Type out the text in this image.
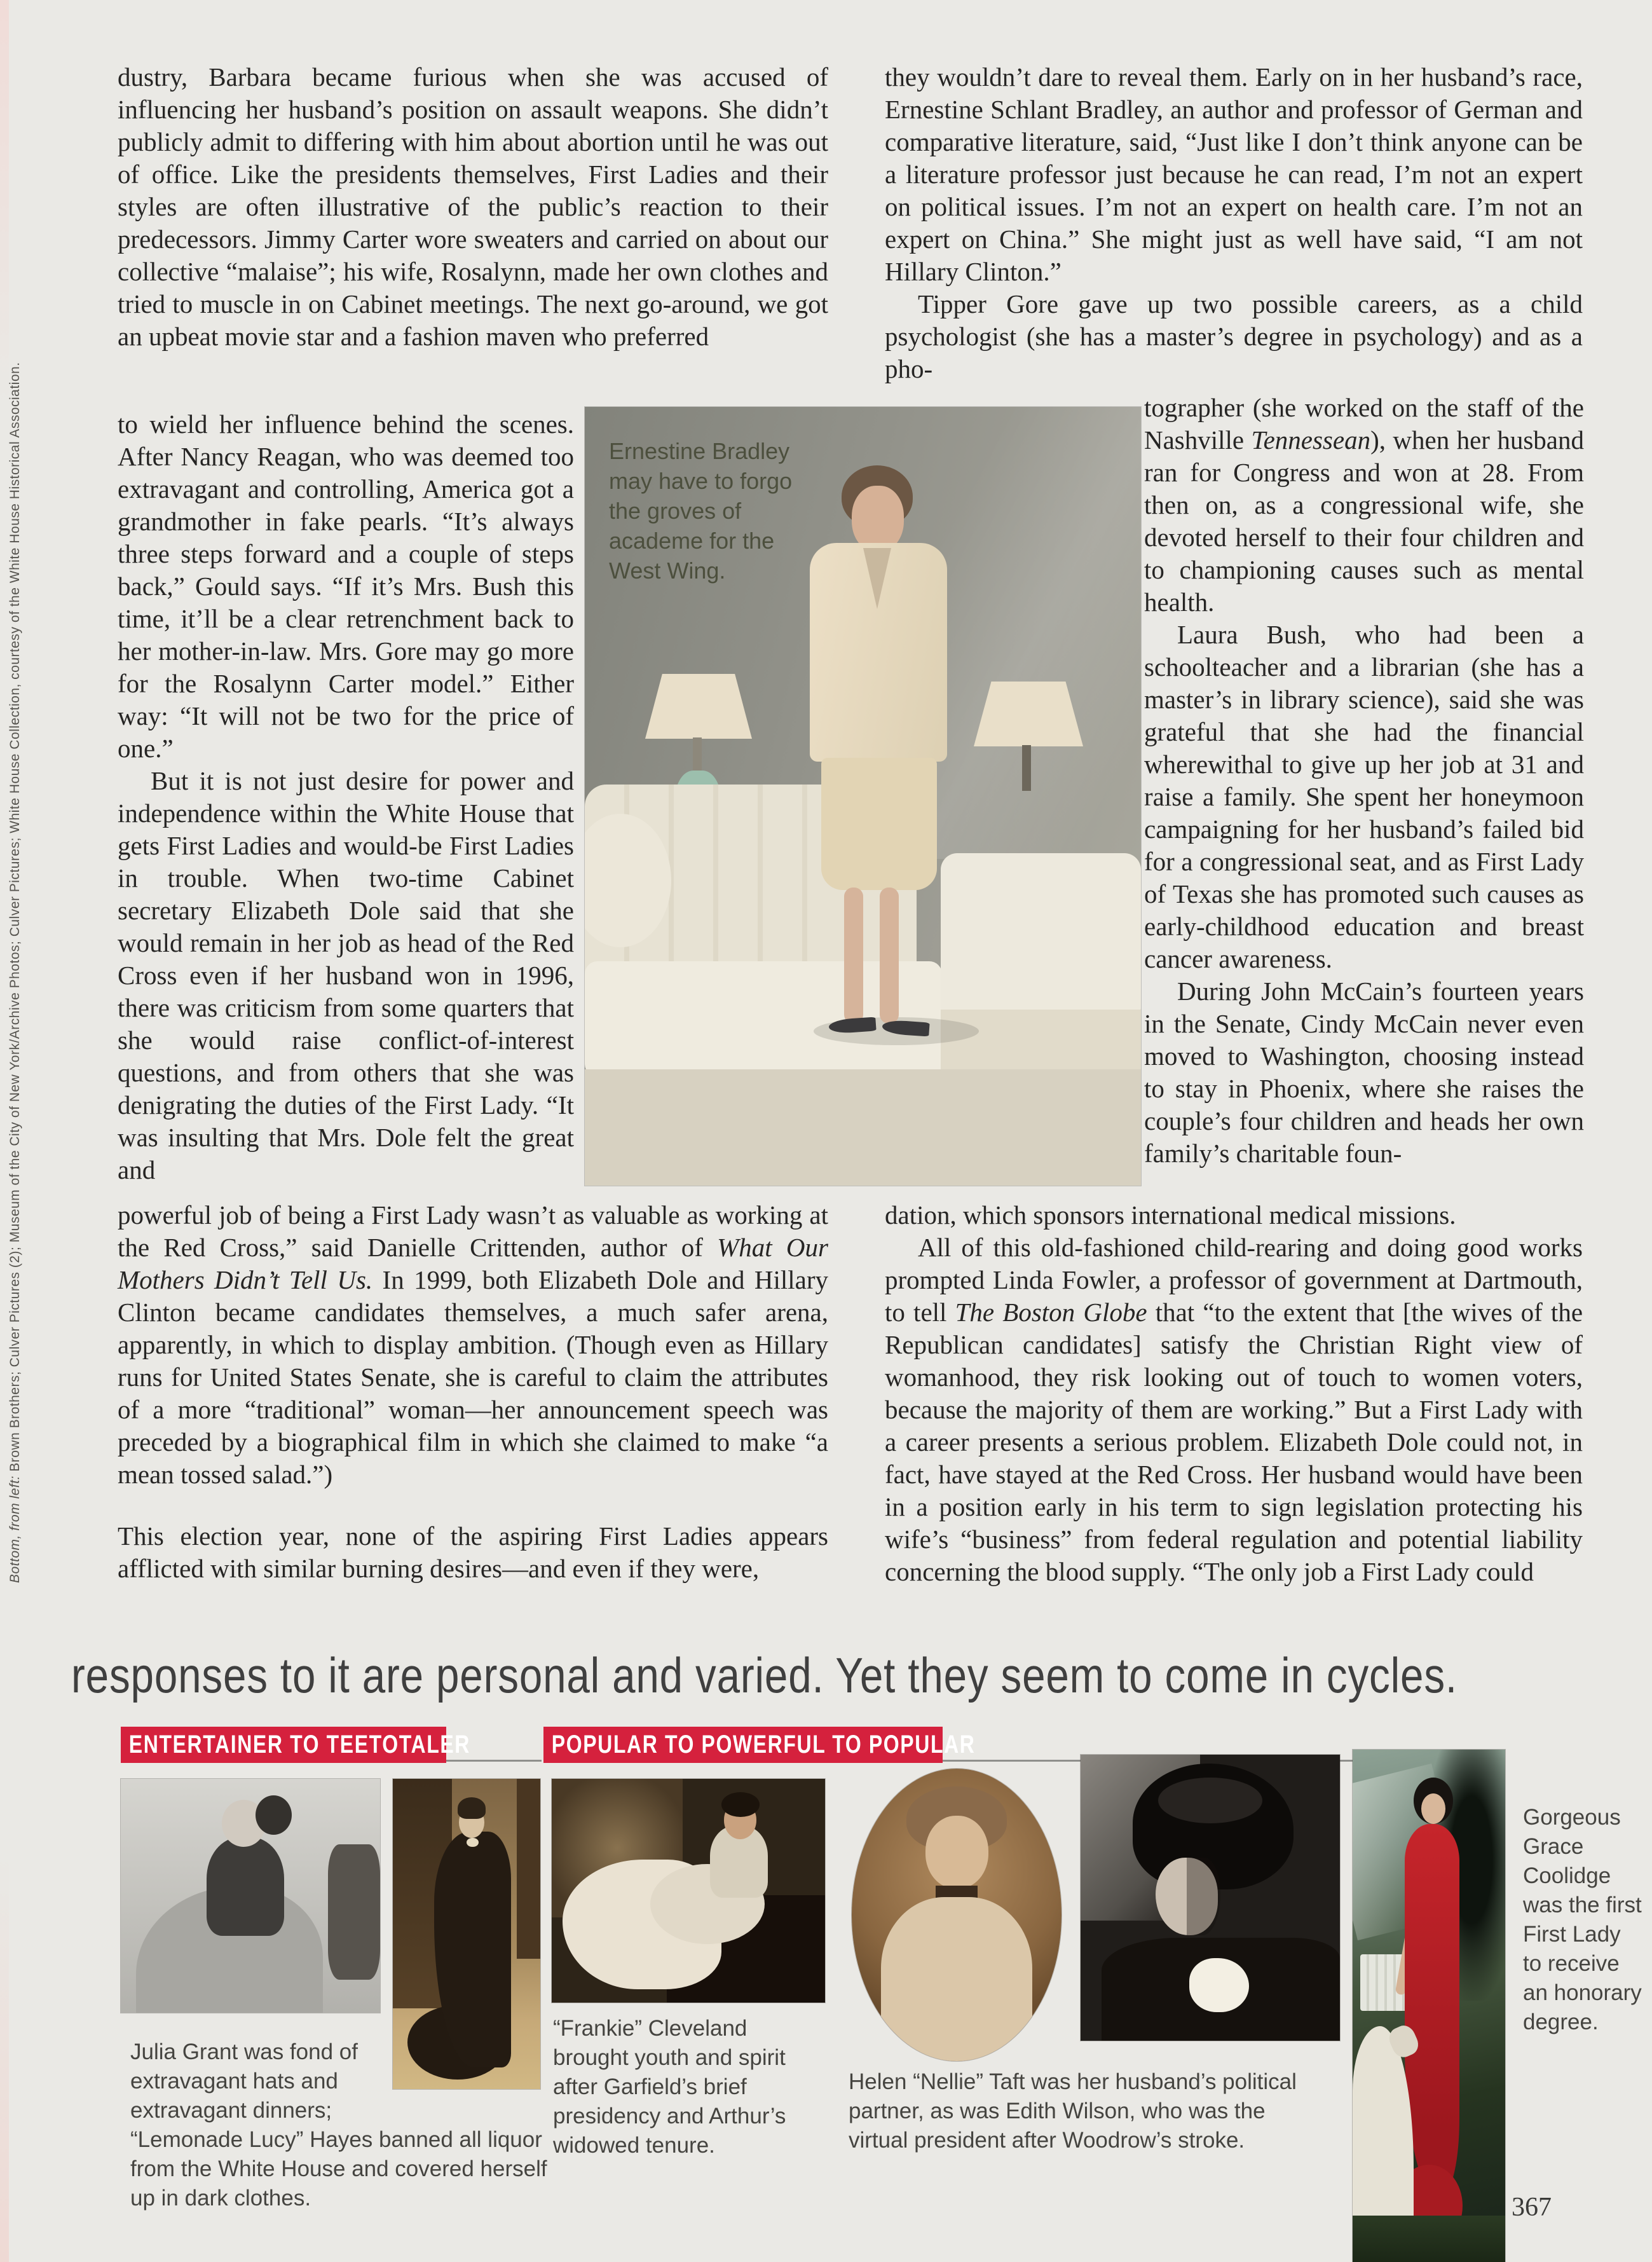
Bottom, from left: Brown Brothers; Culver Pictures (2); Museum of the City of New York/Archive Photos; Culver Pictures; White House Collection, courtesy of the White House Historical Association.

dustry, Barbara became furious when she was accused of influencing her husband’s position on assault weapons. She didn’t publicly admit to differing with him about abortion until he was out of office. Like the presidents themselves, First Ladies and their styles are often illustrative of the public’s reaction to their predecessors. Jimmy Carter wore sweaters and carried on about our collective “malaise”; his wife, Rosalynn, made her own clothes and tried to muscle in on Cabinet meetings. The next go-around, we got an upbeat movie star and a fashion maven who preferred

to wield her influence behind the scenes. After Nancy Reagan, who was deemed too extravagant and controlling, America got a grandmother in fake pearls. “It’s always three steps forward and a couple of steps back,” Gould says. “If it’s Mrs. Bush this time, it’ll be a clear retrenchment back to her mother-in-law. Mrs. Gore may go more for the Rosalynn Carter model.” Either way: “It will not be two for the price of one.”

But it is not just desire for power and independence within the White House that gets First Ladies and would-be First Ladies in trouble. When two-time Cabinet secretary Elizabeth Dole said that she would remain in her job as head of the Red Cross even if her husband won in 1996, there was criticism from some quarters that she would raise conflict-of-interest questions, and from others that she was denigrating the duties of the First Lady. “It was insulting that Mrs. Dole felt the great and

powerful job of being a First Lady wasn’t as valuable as working at the Red Cross,” said Danielle Crittenden, author of What Our Mothers Didn’t Tell Us. In 1999, both Elizabeth Dole and Hillary Clinton became candidates themselves, a much safer arena, apparently, in which to display ambition. (Though even as Hillary runs for United States Senate, she is careful to claim the attributes of a more “traditional” woman—her announcement speech was preceded by a biographical film in which she claimed to make “a mean tossed salad.”)

This election year, none of the aspiring First Ladies appears afflicted with similar burning desires—and even if they were,

they wouldn’t dare to reveal them. Early on in her husband’s race, Ernestine Schlant Bradley, an author and professor of German and comparative literature, said, “Just like I don’t think anyone can be a literature professor just because he can read, I’m not an expert on political issues. I’m not an expert on health care. I’m not an expert on China.” She might just as well have said, “I am not Hillary Clinton.”

Tipper Gore gave up two possible careers, as a child psychologist (she has a master’s degree in psychology) and as a pho-

tographer (she worked on the staff of the Nashville Tennessean), when her husband ran for Congress and won at 28. From then on, as a congressional wife, she devoted herself to their four children and to championing causes such as mental health.

Laura Bush, who had been a schoolteacher and a librarian (she has a master’s in library science), said she was grateful that she had the financial wherewithal to give up her job at 31 and raise a family. She spent her honeymoon campaigning for her husband’s failed bid for a congressional seat, and as First Lady of Texas she has promoted such causes as early-childhood education and breast cancer awareness.

During John McCain’s fourteen years in the Senate, Cindy McCain never even moved to Washington, choosing instead to stay in Phoenix, where she raises the couple’s four children and heads her own family’s charitable foun-

dation, which sponsors international medical missions.

All of this old-fashioned child-rearing and doing good works prompted Linda Fowler, a professor of government at Dartmouth, to tell The Boston Globe that “to the extent that [the wives of the Republican candidates] satisfy the Christian Right view of womanhood, they risk looking out of touch to women voters, because the majority of them are working.” But a First Lady with a career presents a serious problem. Elizabeth Dole could not, in fact, have stayed at the Red Cross. Her husband would have been in a position early in his term to sign legislation protecting his wife’s “business” from federal regulation and potential liability concerning the blood supply. “The only job a First Lady could

Ernestine Bradley may have to forgo the groves of academe for the West Wing.
responses to it are personal and varied. Yet they seem to come in cycles.
ENTERTAINER TO TEETOTALER	POPULAR TO POWERFUL TO POPULAR
Julia Grant was fond of extravagant hats and extravagant dinners; “Lemonade Lucy” Hayes banned all liquor from the White House and covered herself up in dark clothes.
“Frankie” Cleveland brought youth and spirit after Garfield’s brief presidency and Arthur’s widowed tenure.
Helen “Nellie” Taft was her husband’s political partner, as was Edith Wilson, who was the virtual president after Woodrow’s stroke.
Gorgeous Grace Coolidge was the first First Lady to receive an honorary degree.
367
